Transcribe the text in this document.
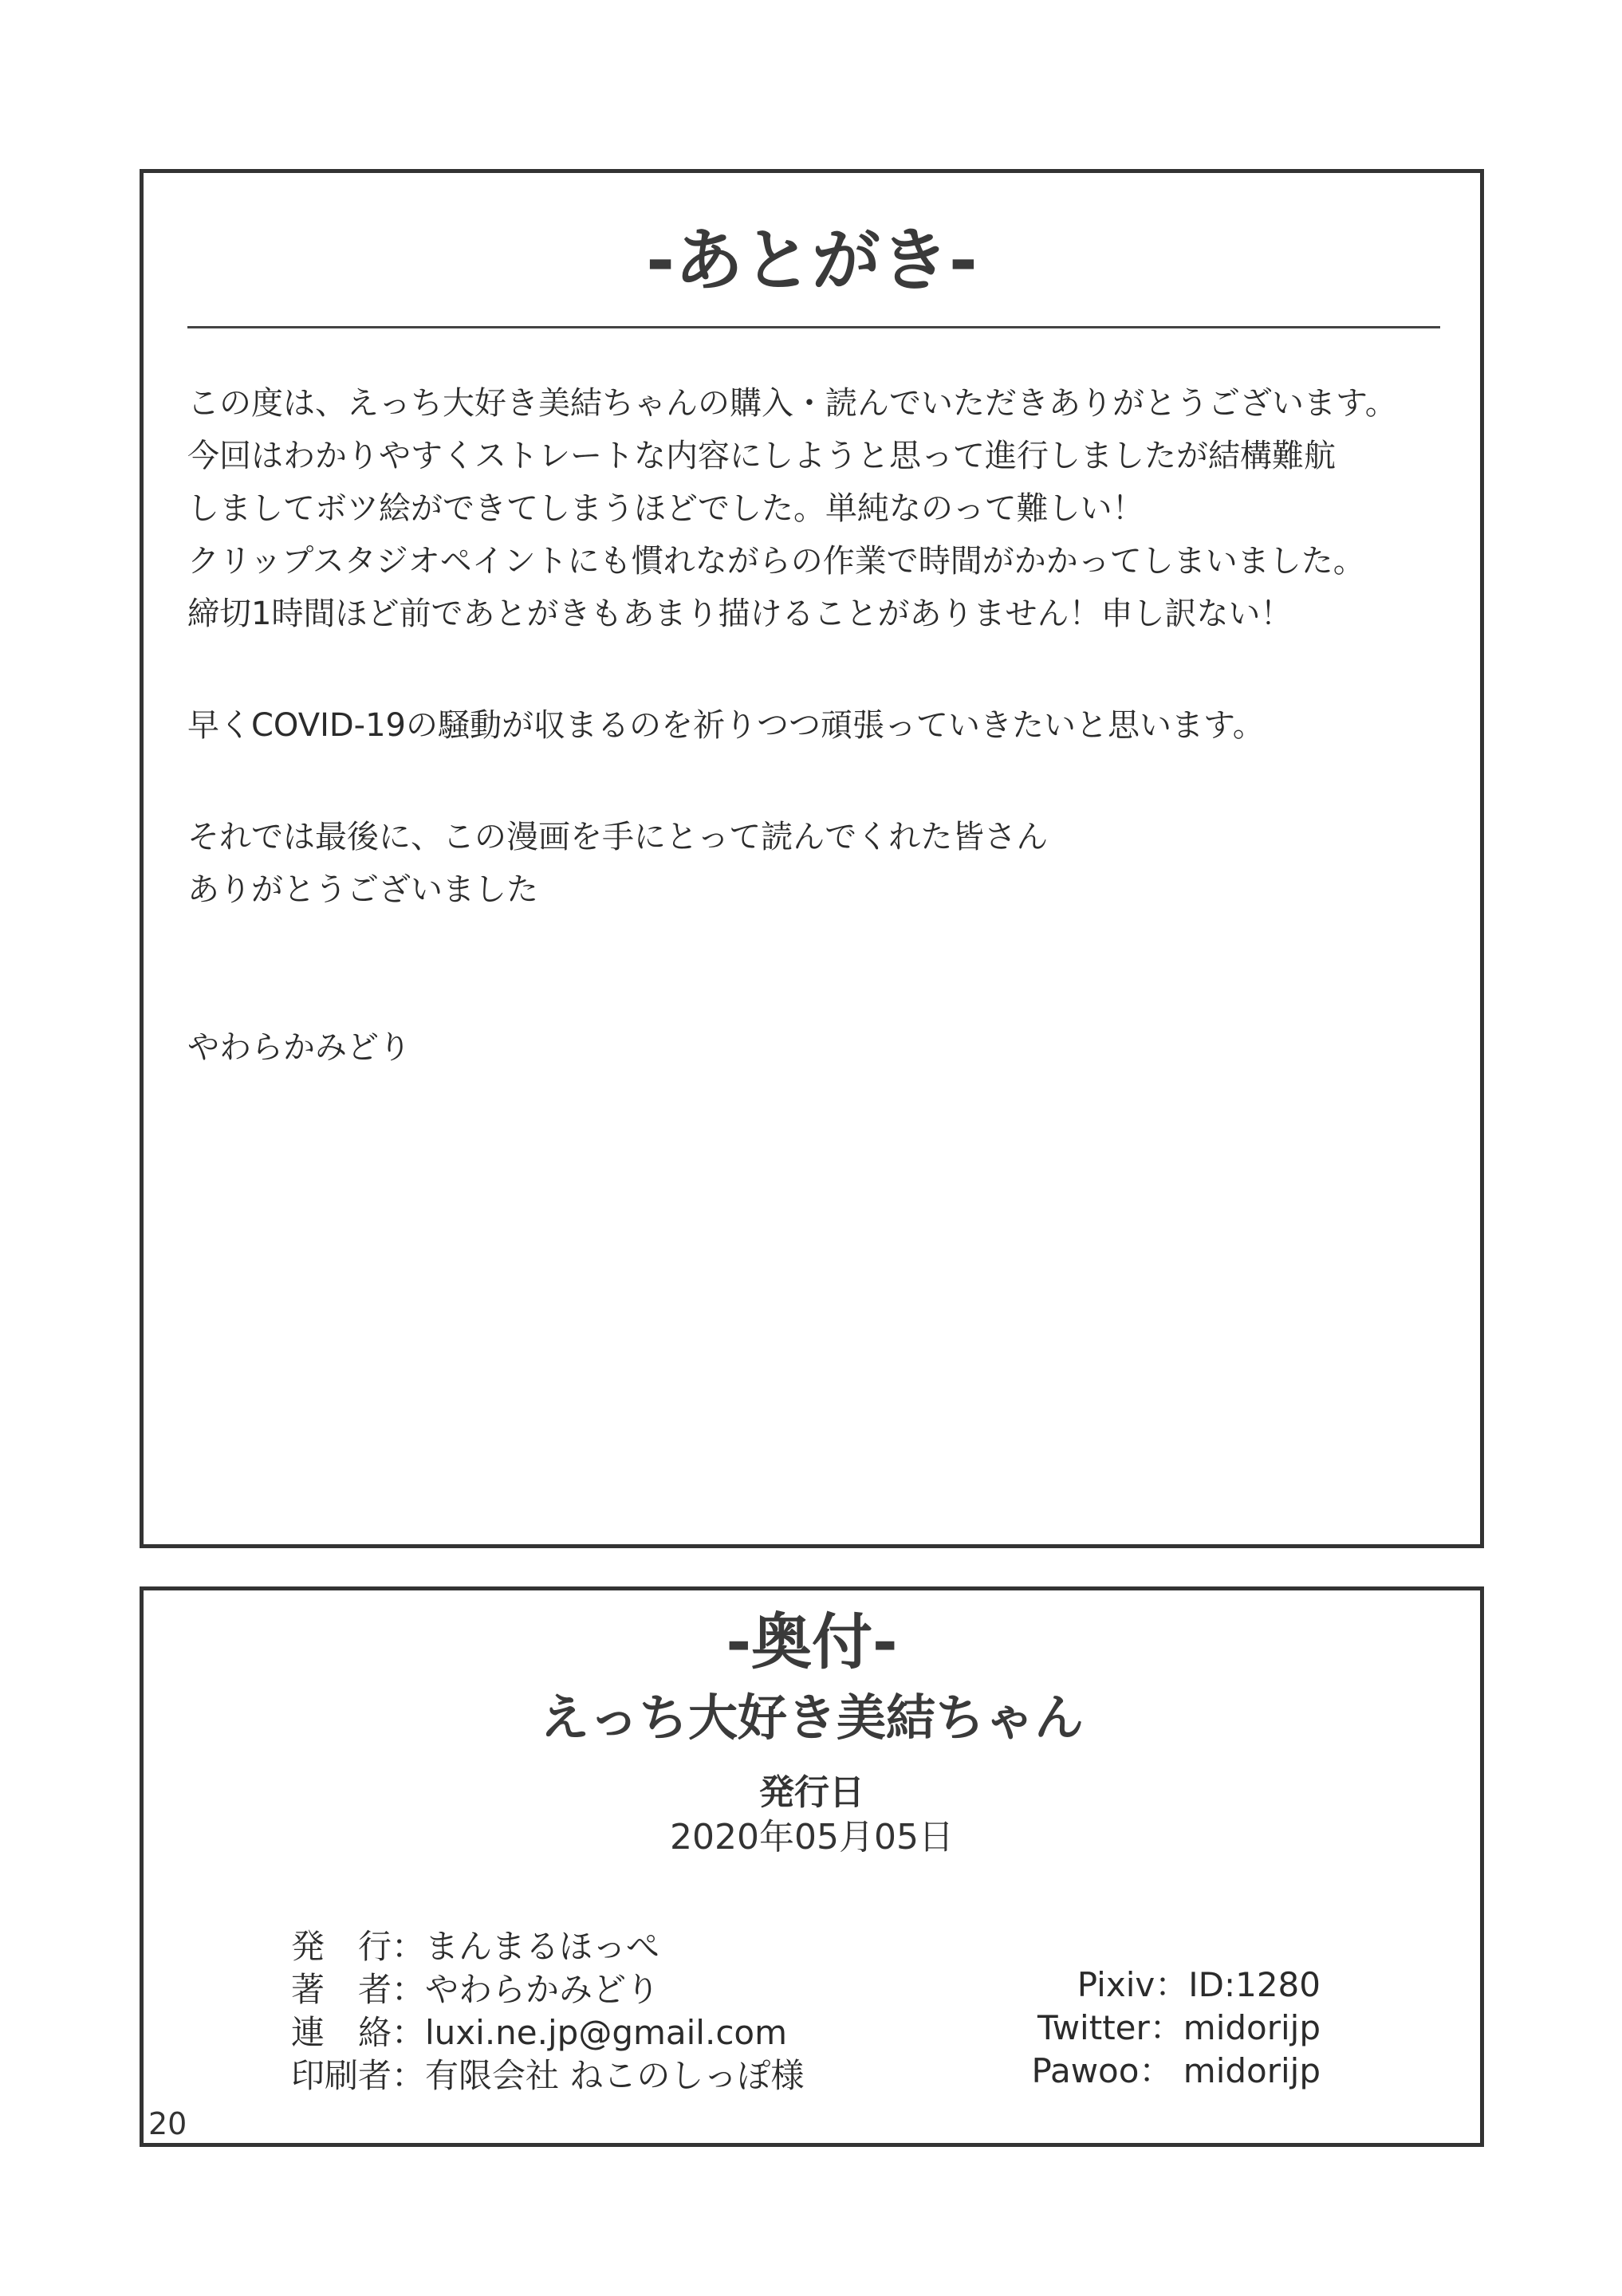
-あとがき-

この度は、えっち大好き美結ちゃんの購入・読んでいただきありがとうございます。

今回はわかりやすくストレートな内容にしようと思って進行しましたが結構難航

しましてボツ絵ができてしまうほどでした。単純なのって難しい！

クリップスタジオペイントにも慣れながらの作業で時間がかかってしまいました。

締切1時間ほど前であとがきもあまり描けることがありません！申し訳ない！

早くCOVID-19の騒動が収まるのを祈りつつ頑張っていきたいと思います。

それでは最後に、この漫画を手にとって読んでくれた皆さん

ありがとうございました

やわらかみどり

-奥付-
えっち大好き美結ちゃん
発行日
2020年05月05日
発　行：まんまるほっぺ
著　者：やわらかみどり
連　絡：luxi.ne.jp@gmail.com
印刷者：有限会社 ねこのしっぽ様
Pixiv：ID:1280
Twitter：midorijp
Pawoo： midorijp
20
